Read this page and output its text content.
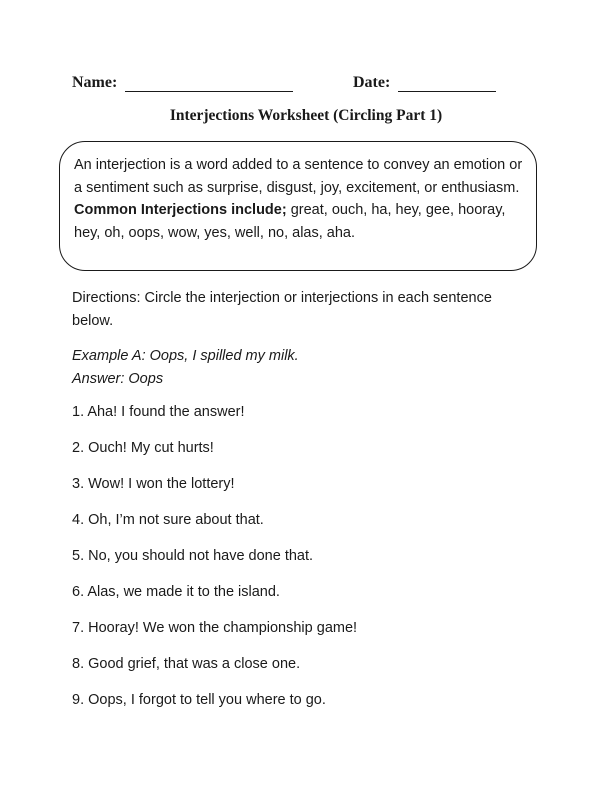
Name:	Date:
Interjections Worksheet (Circling Part 1)
An interjection is a word added to a sentence to convey an emotion or a sentiment such as surprise, disgust, joy, excitement, or enthusiasm.
Common Interjections include; great, ouch, ha, hey, gee, hooray, hey, oh, oops, wow, yes, well, no, alas, aha.
Directions: Circle the interjection or interjections in each sentence below.
Example A: Oops, I spilled my milk.
Answer: Oops
1. Aha! I found the answer!
2. Ouch! My cut hurts!
3. Wow! I won the lottery!
4. Oh, I’m not sure about that.
5. No, you should not have done that.
6. Alas, we made it to the island.
7. Hooray! We won the championship game!
8. Good grief, that was a close one.
9. Oops, I forgot to tell you where to go.
